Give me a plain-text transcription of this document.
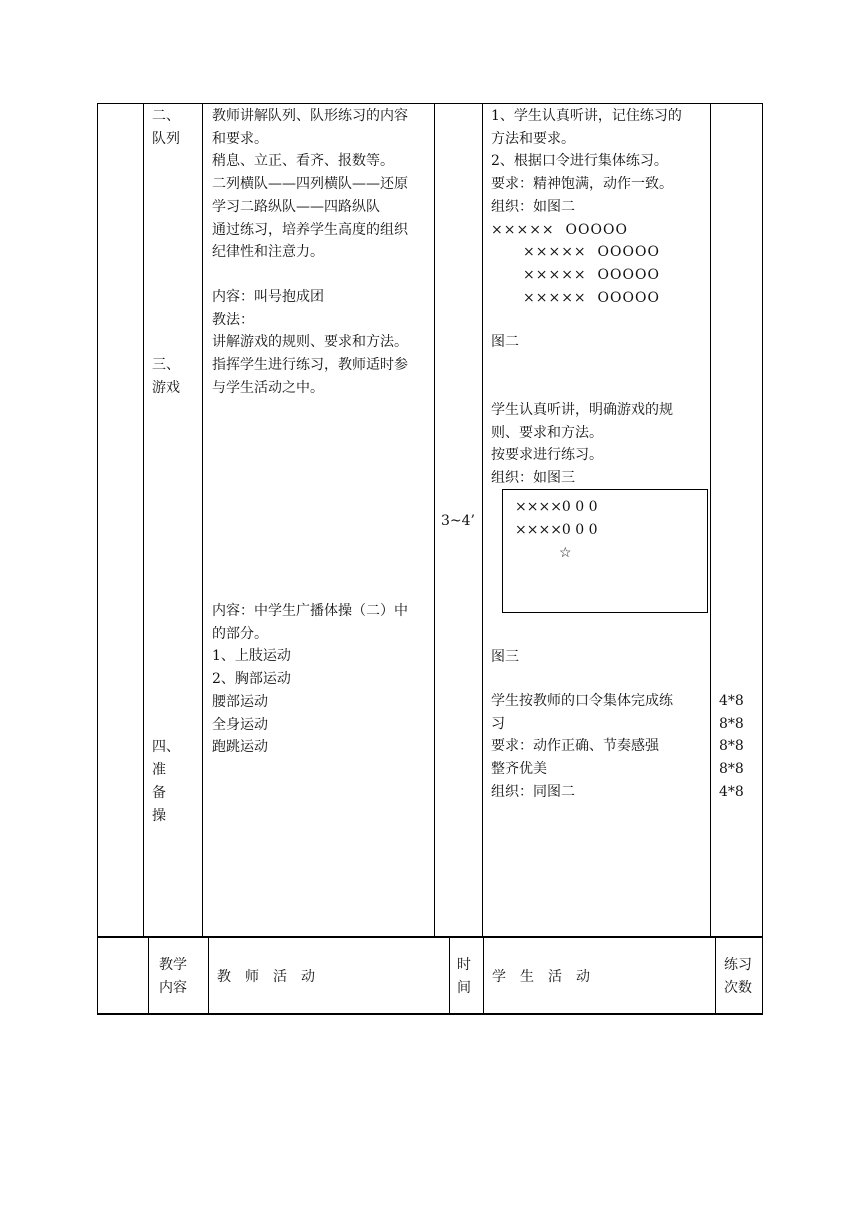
二、
队列
三、
游戏
四、
准
备
操
教师讲解队列、队形练习的内容
和要求。
稍息、立正、看齐、报数等。
二列横队——四列横队——还原
学习二路纵队——四路纵队
通过练习，培养学生高度的组织
纪律性和注意力。
内容：叫号抱成团
教法：
讲解游戏的规则、要求和方法。
指挥学生进行练习，教师适时参
与学生活动之中。
内容：中学生广播体操（二）中
的部分。
1、上肢运动
2、胸部运动
腰部运动
全身运动
跑跳运动
3~4’
1、学生认真听讲，记住练习的
方法和要求。
2、根据口令进行集体练习。
要求：精神饱满，动作一致。
组织：如图二
×××××  OOOOO
×××××  OOOOO
×××××  OOOOO
×××××  OOOOO
图二
学生认真听讲，明确游戏的规
则、要求和方法。
按要求进行练习。
组织：如图三
××××0 0 0
××××0 0 0
☆
图三
学生按教师的口令集体完成练
习
要求：动作正确、节奏感强
整齐优美
组织：同图二
4*8
8*8
8*8
8*8
4*8
教学
内容
教　师　活　动
时
间
学　生　活　动
练习
次数
